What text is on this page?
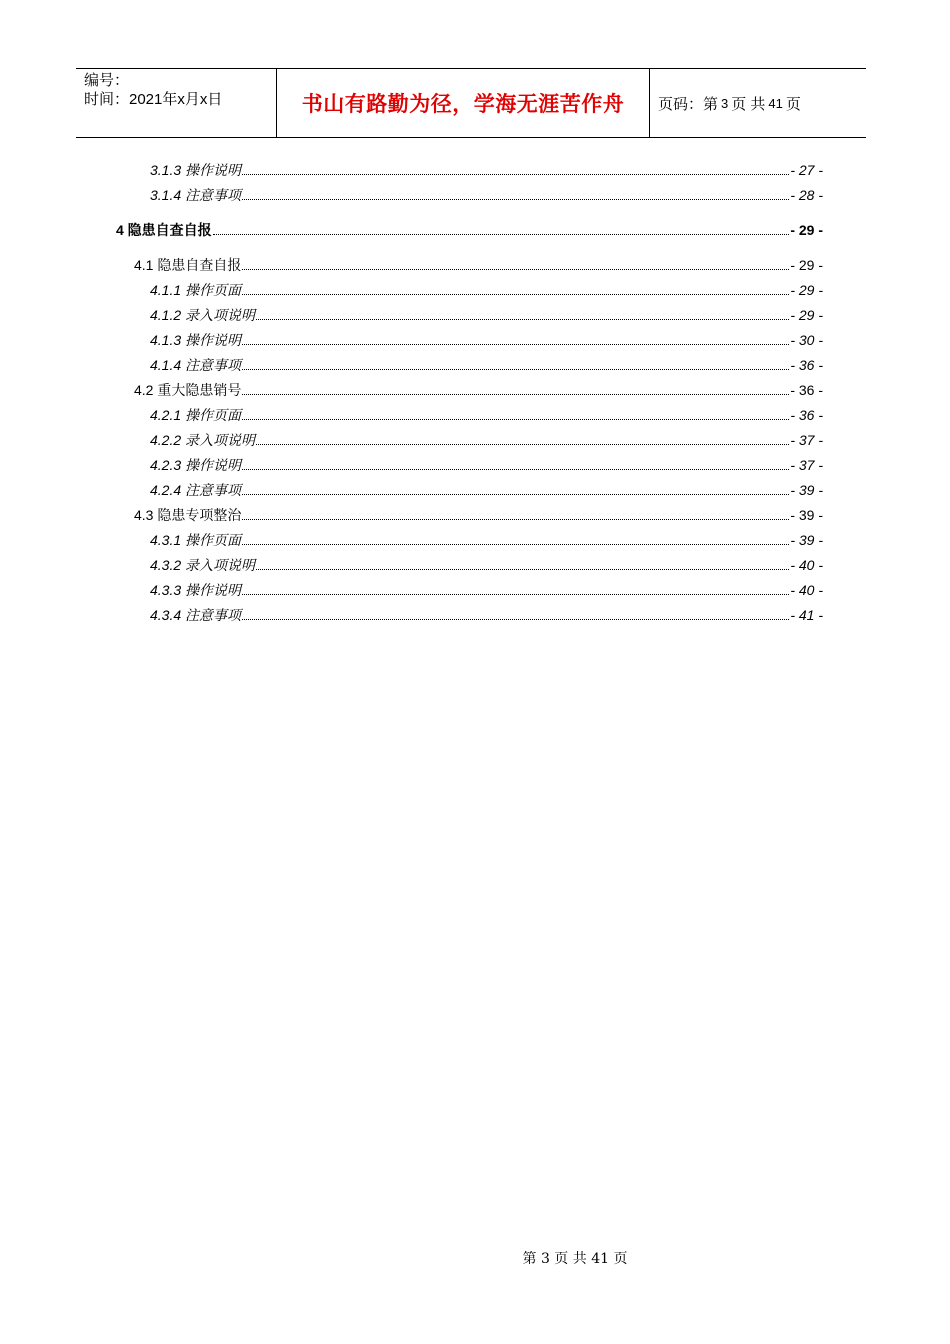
编号：
时间：2021年x月x日	书山有路勤为径，学海无涯苦作舟 页码：第 3 页 共 41 页
3.1.3 操作说明	- 27 -
3.1.4 注意事项	- 28 -
4 隐患自查自报	- 29 -
4.1 隐患自查自报	- 29 -
4.1.1 操作页面	- 29 -
4.1.2 录入项说明	- 29 -
4.1.3 操作说明	- 30 -
4.1.4 注意事项	- 36 -
4.2 重大隐患销号	- 36 -
4.2.1 操作页面	- 36 -
4.2.2 录入项说明	- 37 -
4.2.3 操作说明	- 37 -
4.2.4 注意事项	- 39 -
4.3 隐患专项整治	- 39 -
4.3.1 操作页面	- 39 -
4.3.2 录入项说明	- 40 -
4.3.3 操作说明	- 40 -
4.3.4 注意事项	- 41 -
第 3 页 共 41 页
